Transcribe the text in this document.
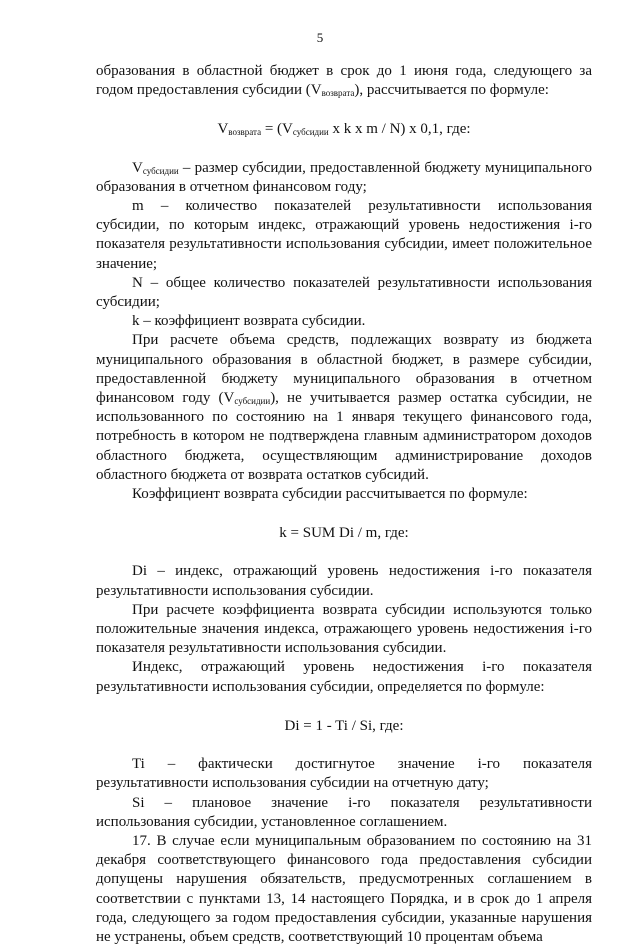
5

образования в областной бюджет в срок до 1 июня года, следующего за годом предоставления субсидии $(V_{возврата})$, рассчитывается по формуле:

$V_{возврата} = (V_{субсидии}$ x k x m / N) x 0,1, где:

$V_{субсидии}$ – размер субсидии, предоставленной бюджету муниципального образования в отчетном финансовом году;

m – количество показателей результативности использования субсидии, по которым индекс, отражающий уровень недостижения i-го показателя результативности использования субсидии, имеет положительное значение;

N – общее количество показателей результативности использования субсидии;

k – коэффициент возврата субсидии.

При расчете объема средств, подлежащих возврату из бюджета муниципального образования в областной бюджет, в размере субсидии, предоставленной бюджету муниципального образования в отчетном финансовом году $(V_{субсидии})$, не учитывается размер остатка субсидии, не использованного по состоянию на 1 января текущего финансового года, потребность в котором не подтверждена главным администратором доходов областного бюджета, осуществляющим администрирование доходов областного бюджета от возврата остатков субсидий.

Коэффициент возврата субсидии рассчитывается по формуле:

k = SUM Di / m, где:

Di – индекс, отражающий уровень недостижения i-го показателя результативности использования субсидии.

При расчете коэффициента возврата субсидии используются только положительные значения индекса, отражающего уровень недостижения i-го показателя результативности использования субсидии.

Индекс, отражающий уровень недостижения i-го показателя результативности использования субсидии, определяется по формуле:

Di = 1 - Ti / Si, где:

Ti – фактически достигнутое значение i-го показателя результативности использования субсидии на отчетную дату;

Si – плановое значение i-го показателя результативности использования субсидии, установленное соглашением.

17. В случае если муниципальным образованием по состоянию на 31 декабря соответствующего финансового года предоставления субсидии допущены нарушения обязательств, предусмотренных соглашением в соответствии с пунктами 13, 14 настоящего Порядка, и в срок до 1 апреля года, следующего за годом предоставления субсидии, указанные нарушения не устранены, объем средств, соответствующий 10 процентам объема
